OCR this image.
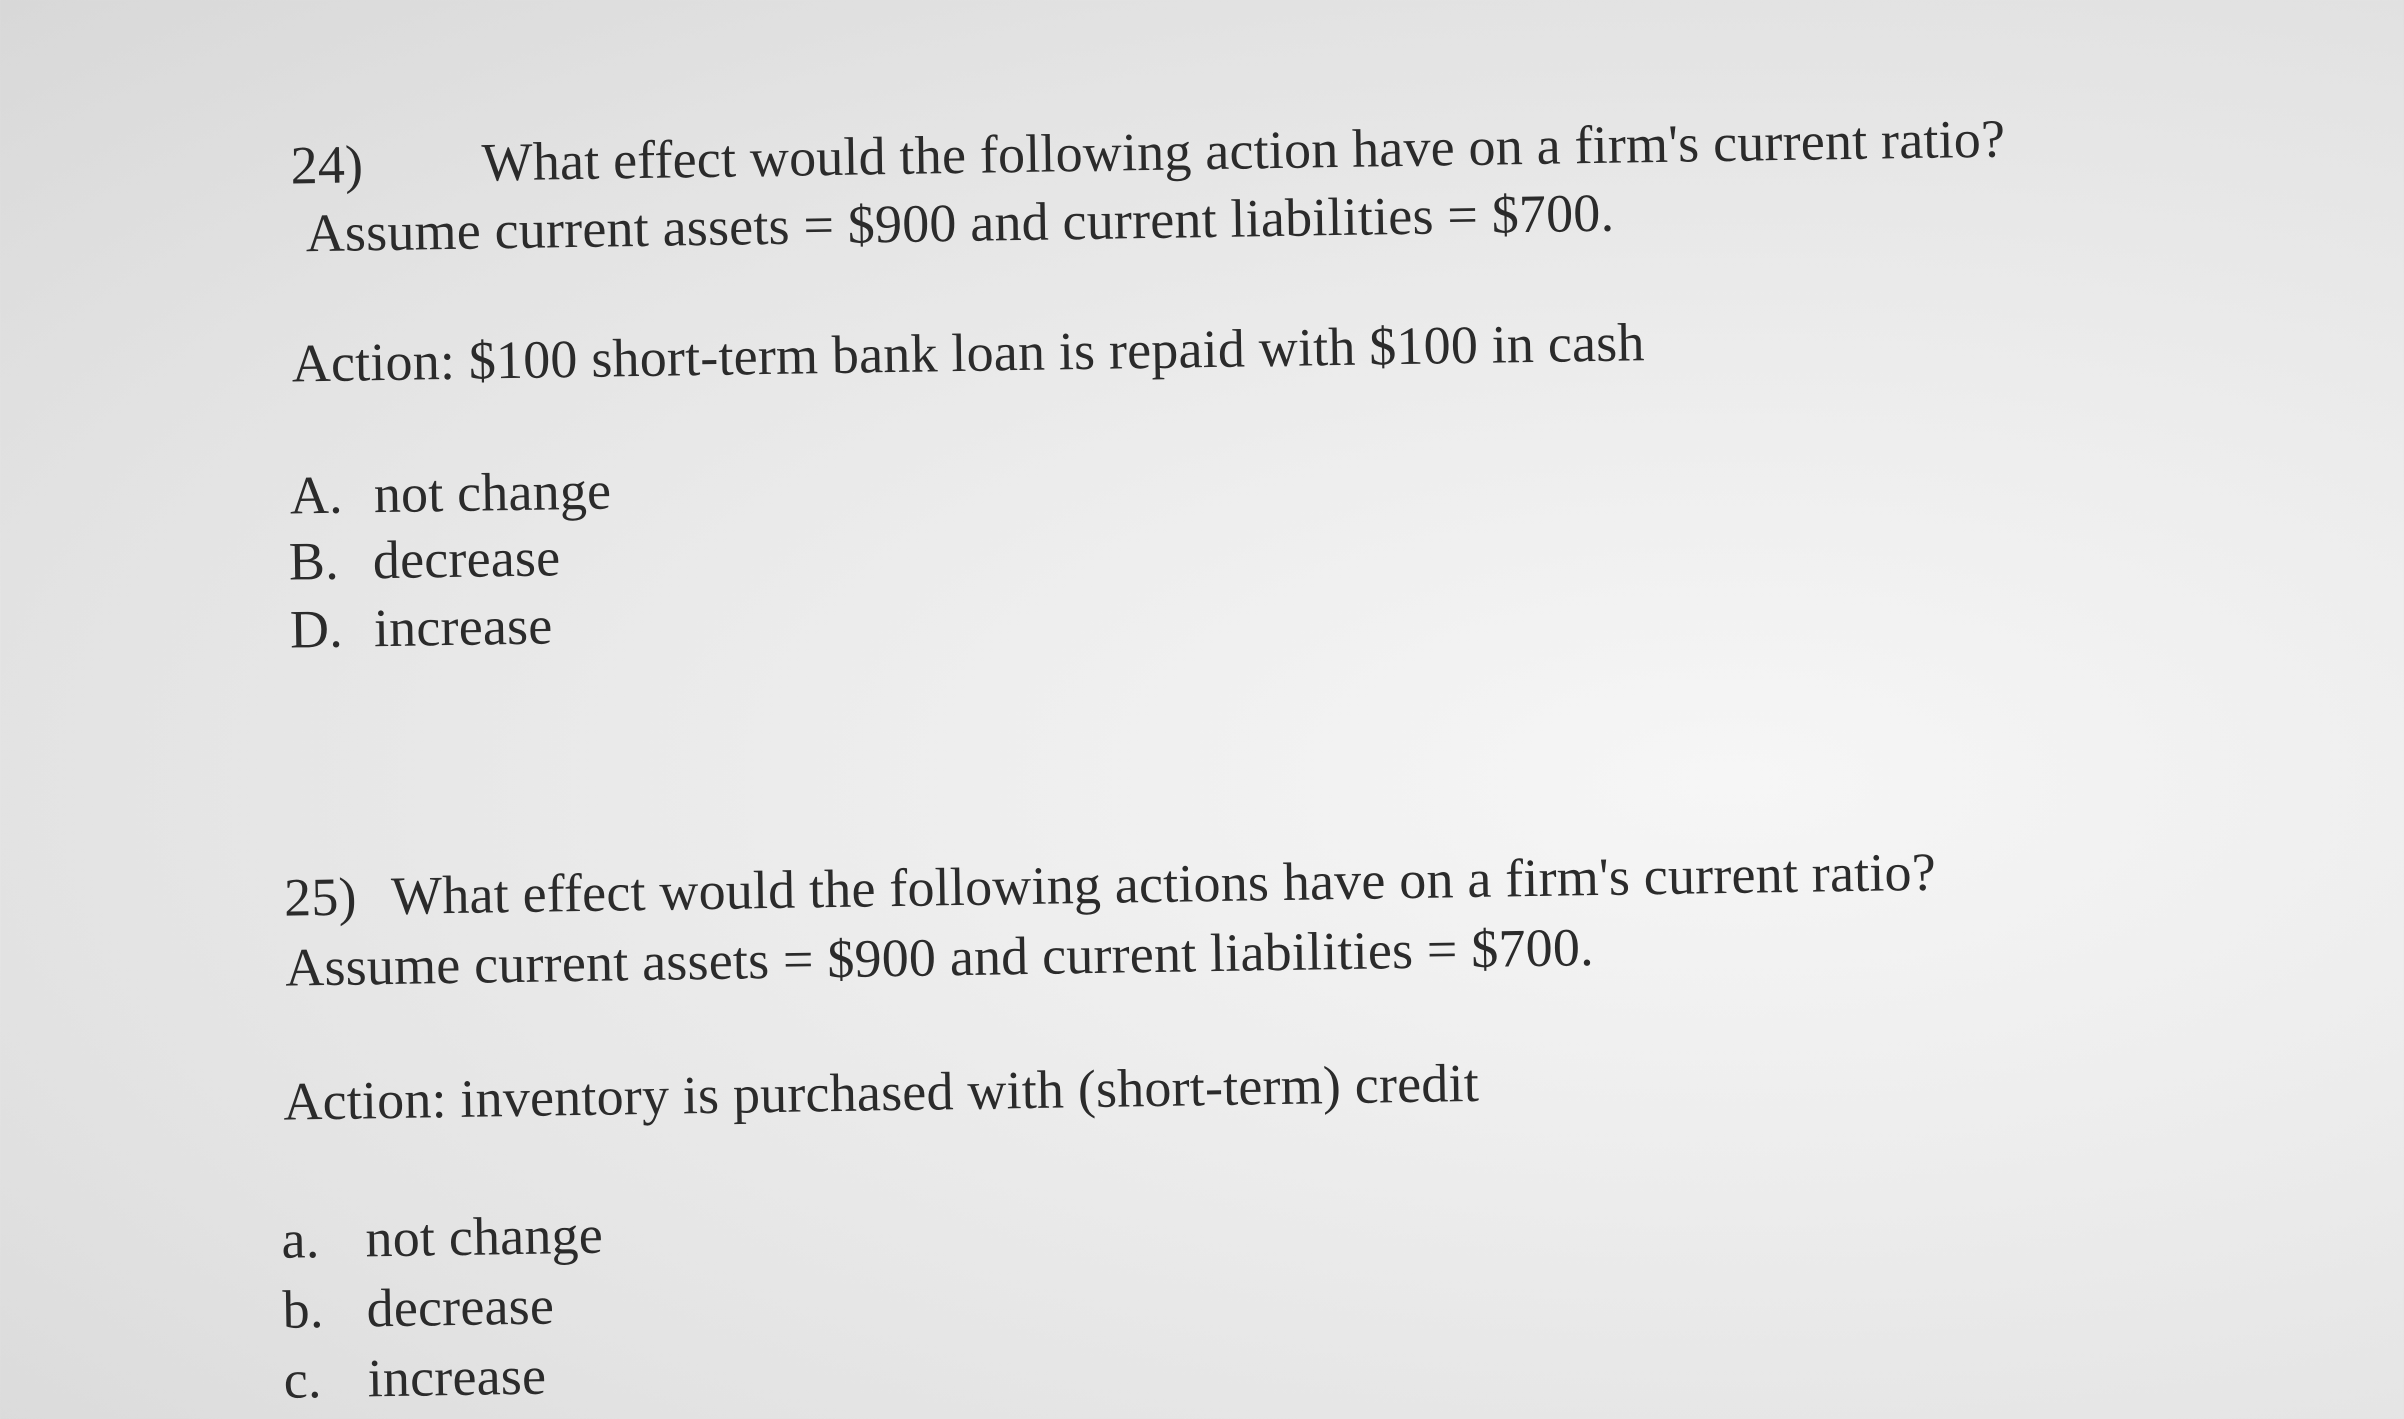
24) What effect would the following action have on a firm's current ratio?
Assume current assets = $900 and current liabilities = $700.
Action: $100 short-term bank loan is repaid with $100 in cash
A. not change
B. decrease
D. increase
25) What effect would the following actions have on a firm's current ratio?
Assume current assets = $900 and current liabilities = $700.
Action: inventory is purchased with (short-term) credit
a. not change
b. decrease
c. increase
